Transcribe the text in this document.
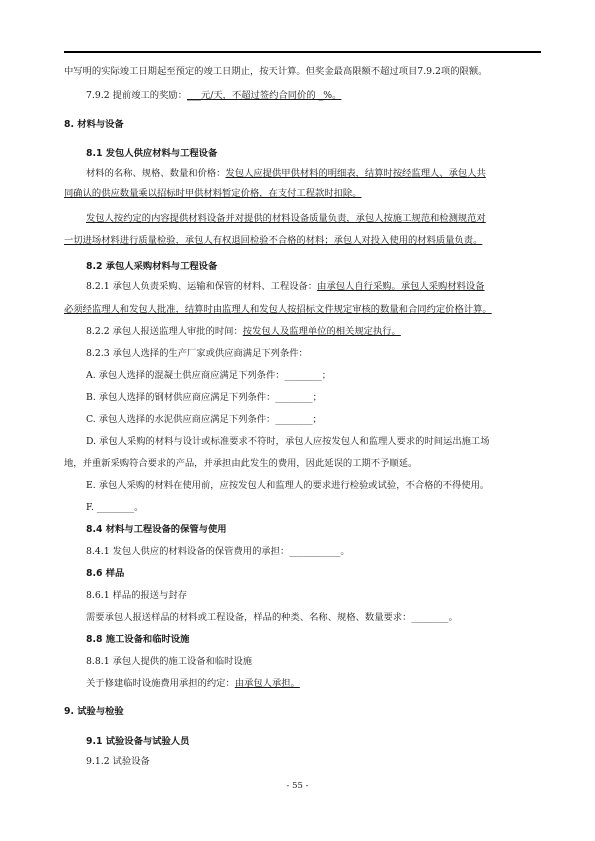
中写明的实际竣工日期起至预定的竣工日期止，按天计算。但奖金最高限额不超过项目7.9.2项的限额。
7.9.2 提前竣工的奖励：___元/天，不超过签约合同价的 _%。
8. 材料与设备
8.1 发包人供应材料与工程设备
材料的名称、规格、数量和价格：发包人应提供甲供材料的明细表，结算时按经监理人、承包人共
同确认的供应数量乘以招标时甲供材料暂定价格，在支付工程款时扣除。
发包人按约定的内容提供材料设备并对提供的材料设备质量负责，承包人按施工规范和检测规范对
一切进场材料进行质量检验，承包人有权退回检验不合格的材料；承包人对投入使用的材料质量负责。
8.2 承包人采购材料与工程设备
8.2.1 承包人负责采购、运输和保管的材料、工程设备：由承包人自行采购。承包人采购材料设备
必须经监理人和发包人批准，结算时由监理人和发包人按招标文件规定审核的数量和合同约定价格计算。
8.2.2 承包人报送监理人审批的时间：按发包人及监理单位的相关规定执行。
8.2.3 承包人选择的生产厂家或供应商满足下列条件：
A. 承包人选择的混凝土供应商应满足下列条件：________；
B. 承包人选择的钢材供应商应满足下列条件：________；
C. 承包人选择的水泥供应商应满足下列条件：________；
D. 承包人采购的材料与设计或标准要求不符时，承包人应按发包人和监理人要求的时间运出施工场
地，并重新采购符合要求的产品，并承担由此发生的费用，因此延误的工期不予顺延。
E. 承包人采购的材料在使用前，应按发包人和监理人的要求进行检验或试验，不合格的不得使用。
F. ________。
8.4 材料与工程设备的保管与使用
8.4.1 发包人供应的材料设备的保管费用的承担：___________。
8.6 样品
8.6.1 样品的报送与封存
需要承包人报送样品的材料或工程设备，样品的种类、名称、规格、数量要求：________。
8.8 施工设备和临时设施
8.8.1 承包人提供的施工设备和临时设施
关于修建临时设施费用承担的约定：由承包人承担。
9. 试验与检验
9.1 试验设备与试验人员
9.1.2 试验设备
- 55 -
